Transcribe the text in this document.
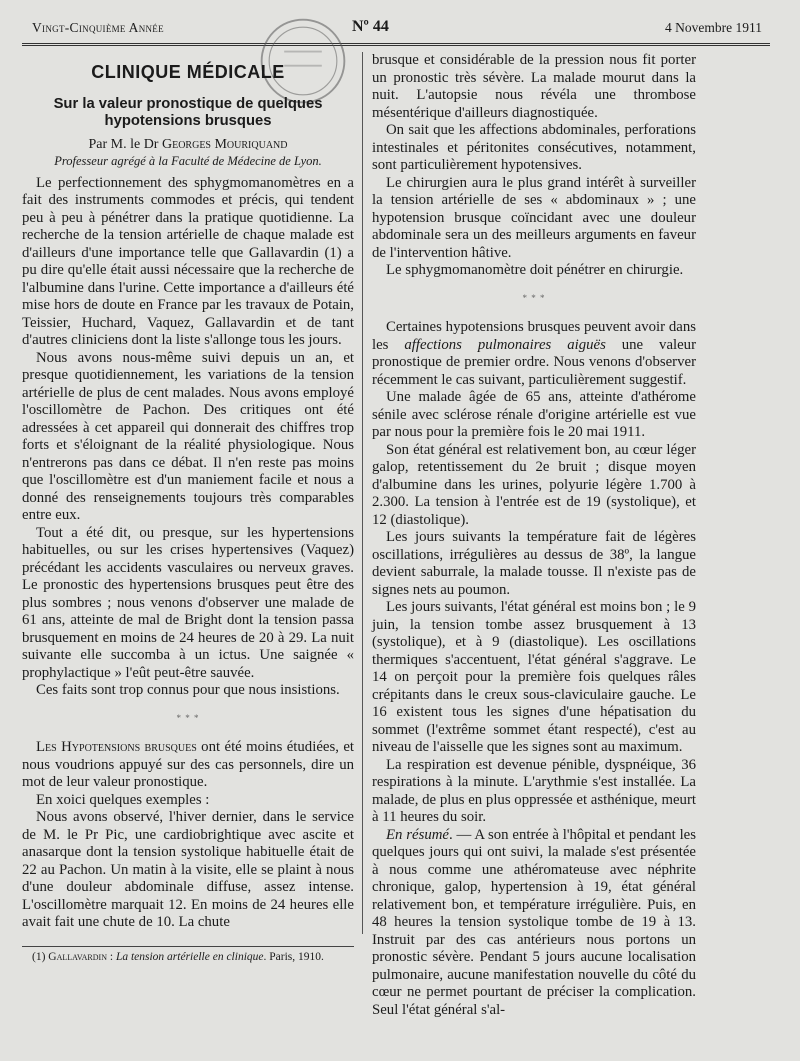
Vingt-Cinquième Année	Nº 44	4 Novembre 1911
CLINIQUE MÉDICALE
Sur la valeur pronostique de quelques
hypotensions brusques
Par M. le Dr Georges Mouriquand
Professeur agrégé à la Faculté de Médecine de Lyon.

Le perfectionnement des sphygmomanomètres en a fait des instruments commodes et précis, qui tendent peu à peu à pénétrer dans la pratique quotidienne. La recherche de la tension artérielle de chaque malade est d'ailleurs d'une importance telle que Gallavardin (1) a pu dire qu'elle était aussi nécessaire que la recherche de l'albumine dans l'urine. Cette importance a d'ailleurs été mise hors de doute en France par les travaux de Potain, Teissier, Huchard, Vaquez, Gallavardin et de tant d'autres cliniciens dont la liste s'allonge tous les jours.

Nous avons nous-même suivi depuis un an, et presque quotidiennement, les variations de la tension artérielle de plus de cent malades. Nous avons employé l'oscillomètre de Pachon. Des critiques ont été adressées à cet appareil qui donnerait des chiffres trop forts et s'éloignant de la réalité physiologique. Nous n'entrerons pas dans ce débat. Il n'en reste pas moins que l'oscillomètre est d'un maniement facile et nous a donné des renseignements toujours très comparables entre eux.

Tout a été dit, ou presque, sur les hypertensions habituelles, ou sur les crises hypertensives (Vaquez) précédant les accidents vasculaires ou nerveux graves. Le pronostic des hypertensions brusques peut être des plus sombres ; nous venons d'observer une malade de 61 ans, atteinte de mal de Bright dont la tension passa brusquement en moins de 24 heures de 20 à 29. La nuit suivante elle succomba à un ictus. Une saignée « prophylactique » l'eût peut-être sauvée.

Ces faits sont trop connus pour que nous insistions.

* * *

Les Hypotensions brusques ont été moins étudiées, et nous voudrions appuyé sur des cas personnels, dire un mot de leur valeur pronostique.

En xoici quelques exemples :

Nous avons observé, l'hiver dernier, dans le service de M. le Pr Pic, une cardiobrightique avec ascite et anasarque dont la tension systolique habituelle était de 22 au Pachon. Un matin à la visite, elle se plaint à nous d'une douleur abdominale diffuse, assez intense. L'oscillomètre marquait 12. En moins de 24 heures elle avait fait une chute de 10. La chute

(1) Gallavardin : La tension artérielle en clinique. Paris, 1910.

brusque et considérable de la pression nous fit porter un pronostic très sévère. La malade mourut dans la nuit. L'autopsie nous révéla une thrombose mésentérique d'ailleurs diagnostiquée.

On sait que les affections abdominales, perforations intestinales et péritonites consécutives, notamment, sont particulièrement hypotensives.

Le chirurgien aura le plus grand intérêt à surveiller la tension artérielle de ses « abdominaux » ; une hypotension brusque coïncidant avec une douleur abdominale sera un des meilleurs arguments en faveur de l'intervention hâtive.

Le sphygmomanomètre doit pénétrer en chirurgie.

* * *

Certaines hypotensions brusques peuvent avoir dans les affections pulmonaires aiguës une valeur pronostique de premier ordre. Nous venons d'observer récemment le cas suivant, particulièrement suggestif.

Une malade âgée de 65 ans, atteinte d'athérome sénile avec sclérose rénale d'origine artérielle est vue par nous pour la première fois le 20 mai 1911.

Son état général est relativement bon, au cœur léger galop, retentissement du 2e bruit ; disque moyen d'albumine dans les urines, polyurie légère 1.700 à 2.300. La tension à l'entrée est de 19 (systolique), et 12 (diastolique).

Les jours suivants la température fait de légères oscillations, irrégulières au dessus de 38º, la langue devient saburrale, la malade tousse. Il n'existe pas de signes nets au poumon.

Les jours suivants, l'état général est moins bon ; le 9 juin, la tension tombe assez brusquement à 13 (systolique), et à 9 (diastolique). Les oscillations thermiques s'accentuent, l'état général s'aggrave. Le 14 on perçoit pour la première fois quelques râles crépitants dans le creux sous-claviculaire gauche. Le 16 existent tous les signes d'une hépatisation du sommet (l'extrême sommet étant respecté), c'est au niveau de l'aisselle que les signes sont au maximum.

La respiration est devenue pénible, dyspnéique, 36 respirations à la minute. L'arythmie s'est installée. La malade, de plus en plus oppressée et asthénique, meurt à 11 heures du soir.

En résumé. — A son entrée à l'hôpital et pendant les quelques jours qui ont suivi, la malade s'est présentée à nous comme une athéromateuse avec néphrite chronique, galop, hypertension à 19, état général relativement bon, et température irrégulière. Puis, en 48 heures la tension systolique tombe de 19 à 13. Instruit par des cas antérieurs nous portons un pronostic sévère. Pendant 5 jours aucune localisation pulmonaire, aucune manifestation nouvelle du côté du cœur ne permet pourtant de préciser la complication. Seul l'état général s'al-
